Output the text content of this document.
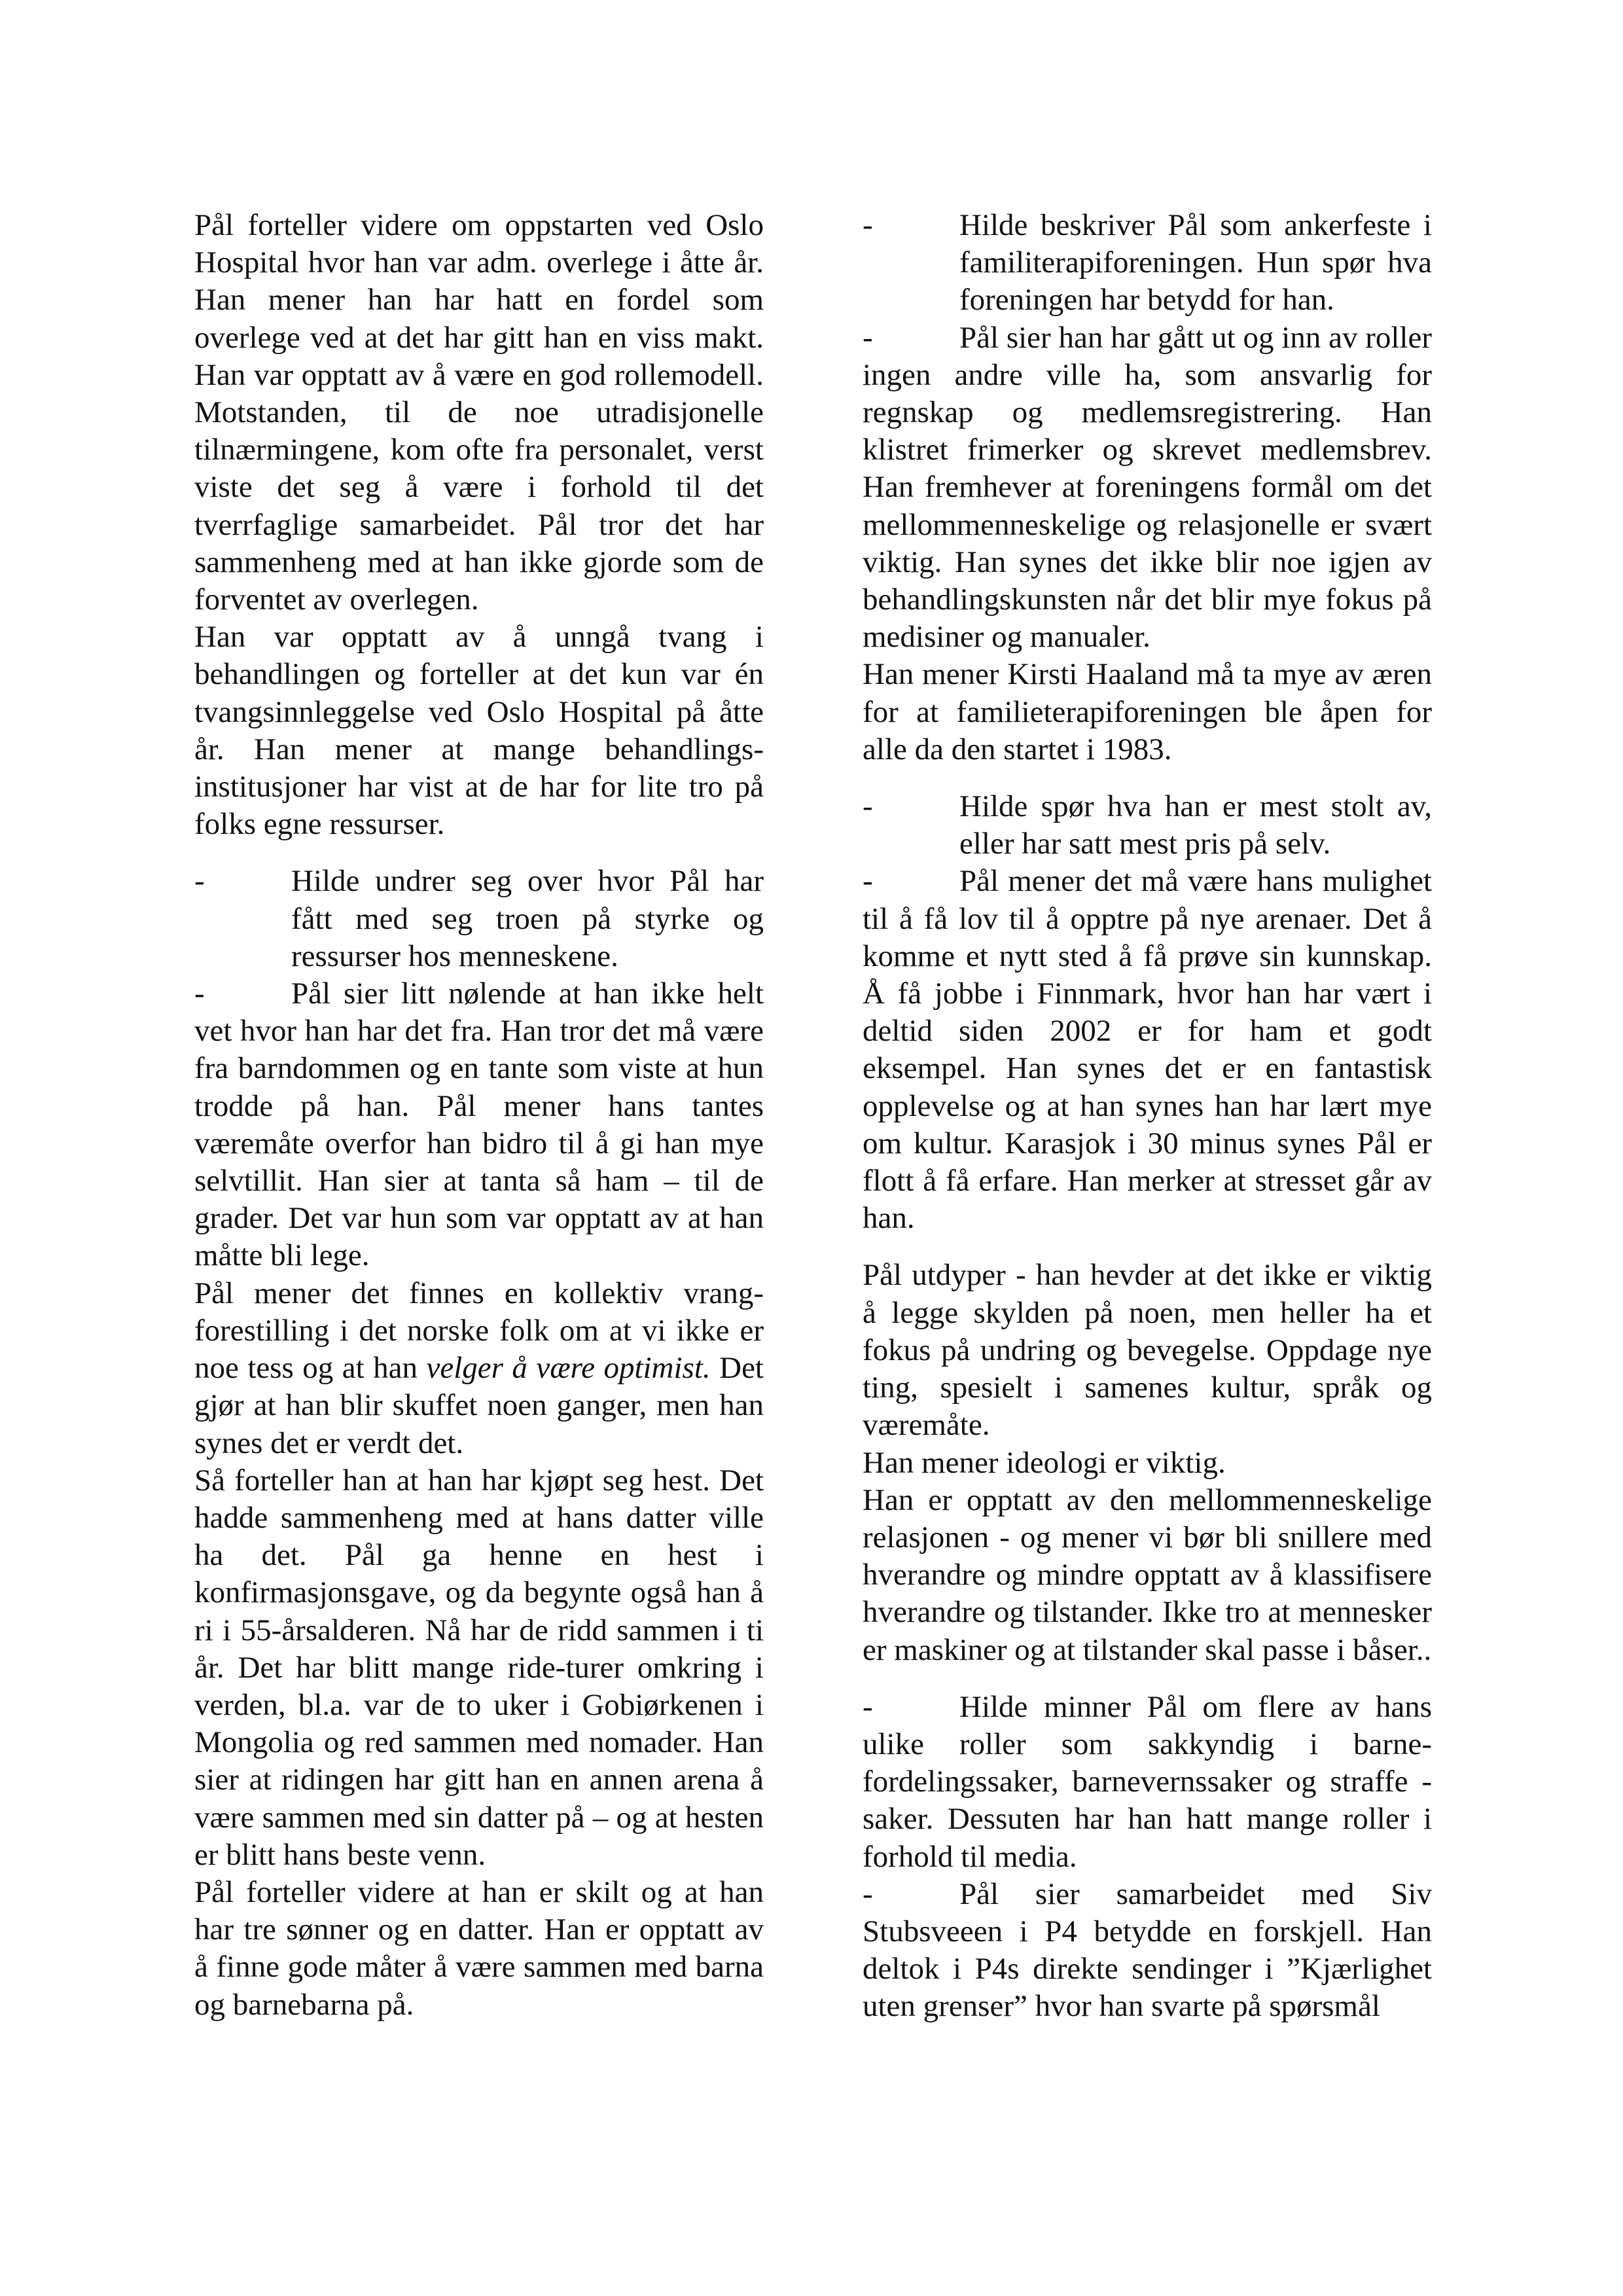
Pål forteller videre om oppstarten ved Oslo Hospital hvor han var adm. overlege i åtte år. Han mener han har hatt en fordel som overlege ved at det har gitt han en viss makt. Han var opptatt av å være en god rollemodell. Motstanden, til de noe utradisjonelle tilnærmingene, kom ofte fra personalet, verst viste det seg å være i forhold til det tverrfaglige samarbeidet. Pål tror det har sammenheng med at han ikke gjorde som de forventet av overlegen.

Han var opptatt av å unngå tvang i behandlingen og forteller at det kun var én tvangsinnleggelse ved Oslo Hospital på åtte år. Han mener at mange behandlings-institusjoner har vist at de har for lite tro på folks egne ressurser.

-	Hilde undrer seg over hvor Pål har fått med seg troen på styrke og ressurser hos menneskene.

-	Pål sier litt nølende at han ikke helt vet hvor han har det fra. Han tror det må være fra barndommen og en tante som viste at hun trodde på han. Pål mener hans tantes væremåte overfor han bidro til å gi han mye selvtillit. Han sier at tanta så ham – til de grader. Det var hun som var opptatt av at han måtte bli lege.

Pål mener det finnes en kollektiv vrang-forestilling i det norske folk om at vi ikke er noe tess og at han velger å være optimist. Det gjør at han blir skuffet noen ganger, men han synes det er verdt det.

Så forteller han at han har kjøpt seg hest. Det hadde sammenheng med at hans datter ville ha det. Pål ga henne en hest i konfirmasjonsgave, og da begynte også han å ri i 55-årsalderen. Nå har de ridd sammen i ti år. Det har blitt mange ride-turer omkring i verden, bl.a. var de to uker i Gobiørkenen i Mongolia og red sammen med nomader. Han sier at ridingen har gitt han en annen arena å være sammen med sin datter på – og at hesten er blitt hans beste venn.

Pål forteller videre at han er skilt og at han har tre sønner og en datter. Han er opptatt av å finne gode måter å være sammen med barna og barnebarna på.

-	Hilde beskriver Pål som ankerfeste i familiterapiforeningen. Hun spør hva foreningen har betydd for han.

-	Pål sier han har gått ut og inn av roller ingen andre ville ha, som ansvarlig for regnskap og medlemsregistrering. Han klistret frimerker og skrevet medlemsbrev. Han fremhever at foreningens formål om det mellommenneskelige og relasjonelle er svært viktig. Han synes det ikke blir noe igjen av behandlingskunsten når det blir mye fokus på medisiner og manualer.

Han mener Kirsti Haaland må ta mye av æren for at familieterapiforeningen ble åpen for alle da den startet i 1983.

-	Hilde spør hva han er mest stolt av, eller har satt mest pris på selv.

-	Pål mener det må være hans mulighet til å få lov til å opptre på nye arenaer. Det å komme et nytt sted å få prøve sin kunnskap. Å få jobbe i Finnmark, hvor han har vært i deltid siden 2002 er for ham et godt eksempel. Han synes det er en fantastisk opplevelse og at han synes han har lært mye om kultur. Karasjok i 30 minus synes Pål er flott å få erfare. Han merker at stresset går av han.

Pål utdyper - han hevder at det ikke er viktig å legge skylden på noen, men heller ha et fokus på undring og bevegelse. Oppdage nye ting, spesielt i samenes kultur, språk og væremåte.

Han mener ideologi er viktig.

Han er opptatt av den mellommenneskelige relasjonen - og mener vi bør bli snillere med hverandre og mindre opptatt av å klassifisere hverandre og tilstander. Ikke tro at mennesker er maskiner og at tilstander skal passe i båser..

-	Hilde minner Pål om flere av hans ulike roller som sakkyndig i barne-fordelingssaker, barnevernssaker og straffe -saker. Dessuten har han hatt mange roller i forhold til media.

-	Pål sier samarbeidet med Siv Stubsveeen i P4 betydde en forskjell. Han deltok i P4s direkte sendinger i ”Kjærlighet uten grenser” hvor han svarte på spørsmål
